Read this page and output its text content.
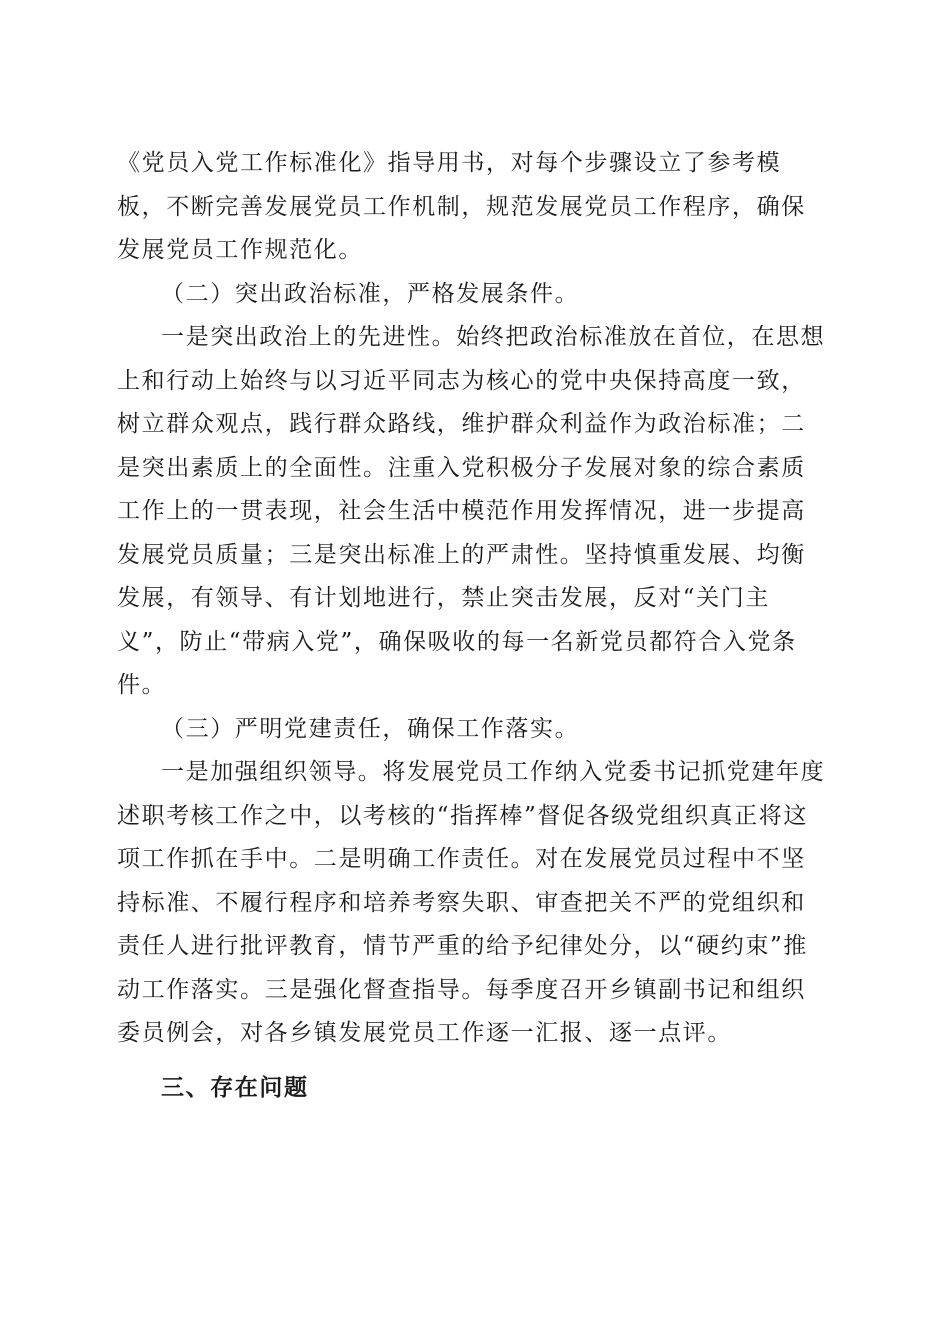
《党员入党工作标准化》指导用书，对每个步骤设立了参考模板，不断完善发展党员工作机制，规范发展党员工作程序，确保发展党员工作规范化。

（二）突出政治标准，严格发展条件。

一是突出政治上的先进性。始终把政治标准放在首位，在思想上和行动上始终与以习近平同志为核心的党中央保持高度一致，树立群众观点，践行群众路线，维护群众利益作为政治标准；二是突出素质上的全面性。注重入党积极分子发展对象的综合素质工作上的一贯表现，社会生活中模范作用发挥情况，进一步提高发展党员质量；三是突出标准上的严肃性。坚持慎重发展、均衡发展，有领导、有计划地进行，禁止突击发展，反对“关门主义”，防止“带病入党”，确保吸收的每一名新党员都符合入党条件。

（三）严明党建责任，确保工作落实。

一是加强组织领导。将发展党员工作纳入党委书记抓党建年度述职考核工作之中，以考核的“指挥棒”督促各级党组织真正将这项工作抓在手中。二是明确工作责任。对在发展党员过程中不坚持标准、不履行程序和培养考察失职、审查把关不严的党组织和责任人进行批评教育，情节严重的给予纪律处分，以“硬约束”推动工作落实。三是强化督查指导。每季度召开乡镇副书记和组织委员例会，对各乡镇发展党员工作逐一汇报、逐一点评。

三、存在问题
